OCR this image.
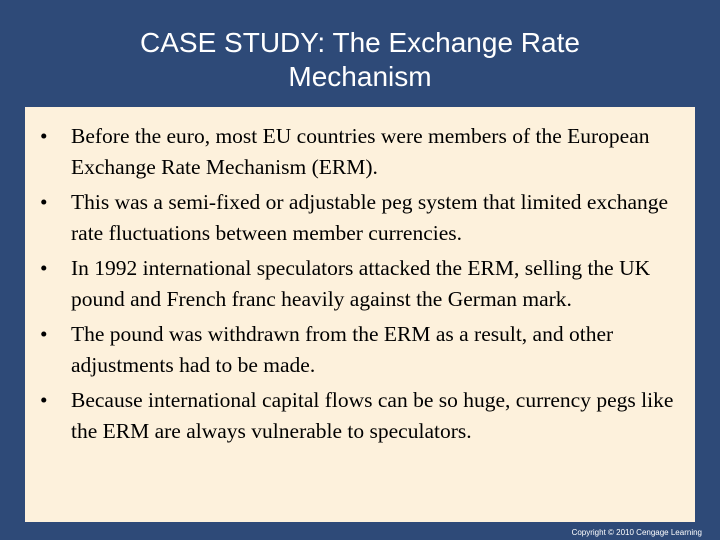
CASE STUDY: The Exchange Rate
Mechanism
• Before the euro, most EU countries were members of the European Exchange Rate Mechanism (ERM).
• This was a semi-fixed or adjustable peg system that limited exchange rate fluctuations between member currencies.
• In 1992 international speculators attacked the ERM, selling the UK pound and French franc heavily against the German mark.
• The pound was withdrawn from the ERM as a result, and other adjustments had to be made.
• Because international capital flows can be so huge, currency pegs like the ERM are always vulnerable to speculators.
Copyright © 2010 Cengage Learning
